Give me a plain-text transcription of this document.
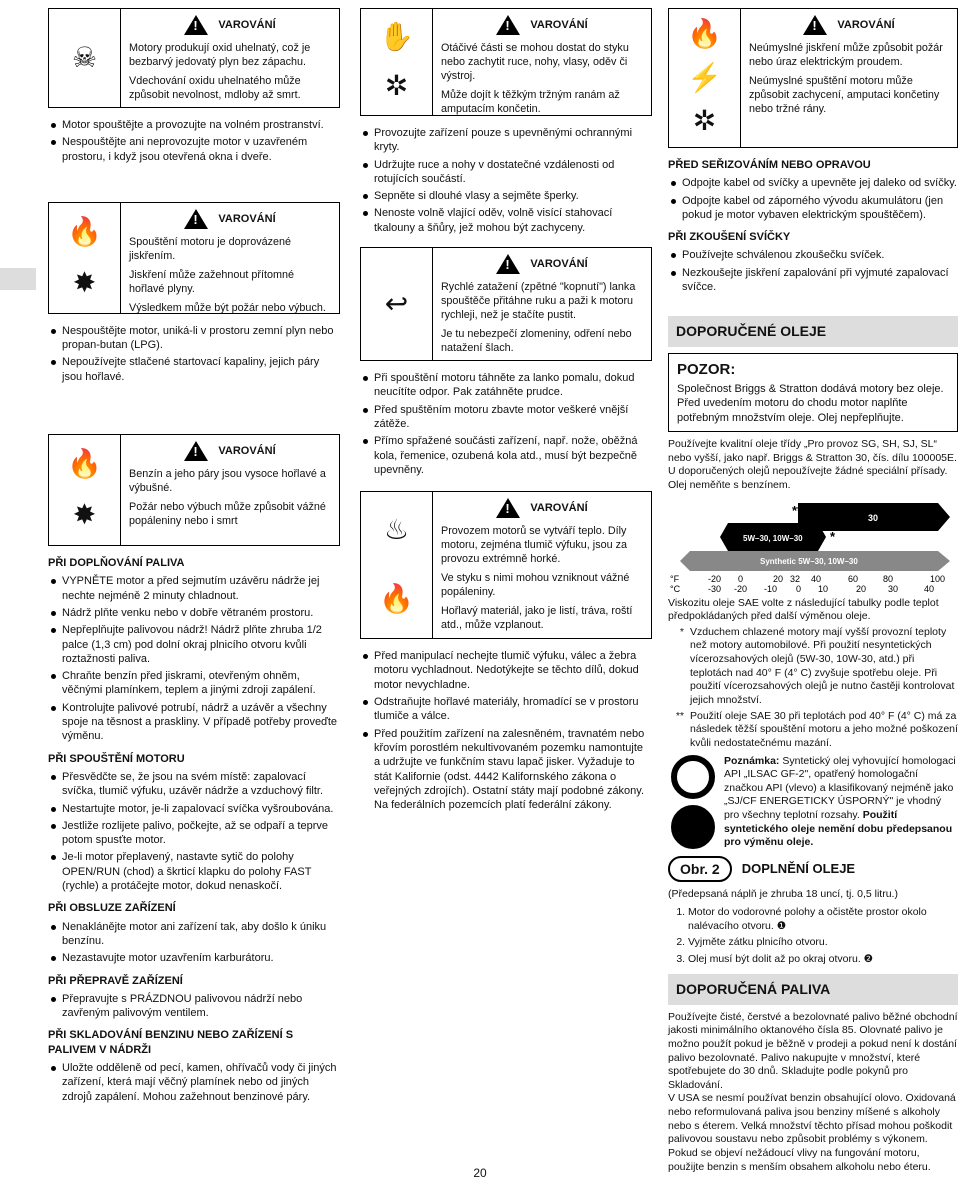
☠
!
VAROVÁNÍ

Motory produkují oxid uhelnatý, což je bezbarvý jedovatý plyn bez zápachu.

Vdechování oxidu uhelnatého může způsobit nevolnost, mdloby až smrt.

Motor spouštějte a provozujte na volném prostranství.
Nespouštějte ani neprovozujte motor v uzavřeném prostoru, i když jsou otevřená okna i dveře.
🔥
✸
!
VAROVÁNÍ

Spouštění motoru je doprovázené jiskřením.

Jiskření může zažehnout přítomné hořlavé plyny.

Výsledkem může být požár nebo výbuch.

Nespouštějte motor, uniká-li v prostoru zemní plyn nebo propan-butan (LPG).
Nepoužívejte stlačené startovací kapaliny, jejich páry jsou hořlavé.
🔥
✸
!
VAROVÁNÍ

Benzín a jeho páry jsou vysoce hořlavé a výbušné.

Požár nebo výbuch může způsobit vážné popáleniny nebo i smrt

PŘI DOPLŇOVÁNÍ PALIVA
VYPNĚTE motor a před sejmutím uzávěru nádrže jej nechte nejméně 2 minuty chladnout.
Nádrž plňte venku nebo v dobře větraném prostoru.
Nepřeplňujte palivovou nádrž! Nádrž plňte zhruba 1/2 palce (1,3 cm) pod dolní okraj plnicího otvoru kvůli roztažnosti paliva.
Chraňte benzín před jiskrami, otevřeným ohněm, věčnými plamínkem, teplem a jinými zdroji zapálení.
Kontrolujte palivové potrubí, nádrž a uzávěr a všechny spoje na těsnost a praskliny. V případě potřeby proveďte výměnu.
PŘI SPOUŠTĚNÍ MOTORU
Přesvědčte se, že jsou na svém místě: zapalovací svíčka, tlumič výfuku, uzávěr nádrže a vzduchový filtr.
Nestartujte motor, je-li zapalovací svíčka vyšroubována.
Jestliže rozlijete palivo, počkejte, až se odpaří a teprve potom spusťte motor.
Je-li motor přeplavený, nastavte sytič do polohy OPEN/RUN (chod) a škrticí klapku do polohy FAST (rychle) a protáčejte motor, dokud nenaskočí.
PŘI OBSLUZE ZAŘÍZENÍ
Nenaklánějte motor ani zařízení tak, aby došlo k úniku benzínu.
Nezastavujte motor uzavřením karburátoru.
PŘI PŘEPRAVĚ ZAŘÍZENÍ
Přepravujte s PRÁZDNOU palivovou nádrží nebo zavřeným palivovým ventilem.
PŘI SKLADOVÁNÍ BENZINU NEBO ZAŘÍZENÍ S PALIVEM V NÁDRŽI
Uložte odděleně od pecí, kamen, ohřívačů vody či jiných zařízení, která mají věčný plamínek nebo od jiných zdrojů zapálení. Mohou zažehnout benzinové páry.
✋
✲
!
VAROVÁNÍ

Otáčivé části se mohou dostat do styku nebo zachytit ruce, nohy, vlasy, oděv či výstroj.

Může dojít k těžkým tržným ranám až amputacím končetin.

Provozujte zařízení pouze s upevněnými ochrannými kryty.
Udržujte ruce a nohy v dostatečné vzdálenosti od rotujících součástí.
Sepněte si dlouhé vlasy a sejměte šperky.
Nenoste volně vlající oděv, volně visící stahovací tkalouny a šňůry, jež mohou být zachyceny.
↩
!
VAROVÁNÍ

Rychlé zatažení (zpětné "kopnutí") lanka spouštěče přitáhne ruku a paži k motoru rychleji, než je stačíte pustit.

Je tu nebezpečí zlomeniny, odření nebo natažení šlach.

Při spouštění motoru táhněte za lanko pomalu, dokud neucítíte odpor. Pak zatáhněte prudce.
Před spuštěním motoru zbavte motor veškeré vnější zátěže.
Přímo spřažené součásti zařízení, např. nože, oběžná kola, řemenice, ozubená kola atd., musí být bezpečně upevněny.
♨
🔥
!
VAROVÁNÍ

Provozem motorů se vytváří teplo. Díly motoru, zejména tlumič výfuku, jsou za provozu extrémně horké.

Ve styku s nimi mohou vzniknout vážné popáleniny.

Hořlavý materiál, jako je listí, tráva, roští atd., může vzplanout.

Před manipulací nechejte tlumič výfuku, válec a žebra motoru vychladnout. Nedotýkejte se těchto dílů, dokud motor nevychladne.
Odstraňujte hořlavé materiály, hromadící se v prostoru tlumiče a válce.
Před použitím zařízení na zalesněném, travnatém nebo křovím porostlém nekultivovaném pozemku namontujte a udržujte ve funkčním stavu lapač jisker. Vyžaduje to stát Kalifornie (odst. 4442 Kalifornského zákona o veřejných zdrojích). Ostatní státy mají podobné zákony. Na federálních pozemcích platí federální zákony.
🔥
⚡
✲
!
VAROVÁNÍ

Neúmyslné jiskření může způsobit požár nebo úraz elektrickým proudem.

Neúmyslné spuštění motoru může způsobit zachycení, amputaci končetiny nebo tržné rány.

PŘED SEŘIZOVÁNÍM NEBO OPRAVOU
Odpojte kabel od svíčky a upevněte jej daleko od svíčky.
Odpojte kabel od záporného vývodu akumulátoru (jen pokud je motor vybaven elektrickým spouštěčem).
PŘI ZKOUŠENÍ SVÍČKY
Používejte schválenou zkoušečku svíček.
Nezkoušejte jiskření zapalování při vyjmuté zapalovací svíčce.
DOPORUČENÉ OLEJE
POZOR:
Společnost Briggs & Stratton dodává motory bez oleje. Před uvedením motoru do chodu motor naplňte potřebným množstvím oleje. Olej nepřeplňujte.
Používejte kvalitní oleje třídy „Pro provoz SG, SH, SJ, SL“ nebo vyšší, jako např. Briggs & Stratton 30, čís. dílu 100005E. U doporučených olejů nepoužívejte žádné speciální přísady. Olej neměňte s benzínem.
30
**
5W–30, 10W–30 *
Synthetic 5W–30, 10W–30
°F
°C
-20 0	20 32 40	60	80	100
-30 -20 -10 0 10	20 30	40
Viskozitu oleje SAE volte z následující tabulky podle teplot předpokládaných před další výměnou oleje.
* Vzduchem chlazené motory mají vyšší provozní teploty než motory automobilové. Při použití nesyntetických vícerozsahových olejů (5W-30, 10W-30, atd.) při teplotách nad 40° F (4° C) zvyšuje spotřebu oleje. Při použití vícerozsahových olejů je nutno častěji kontrolovat jejich množství.
** Použití oleje SAE 30 při teplotách pod 40° F (4° C) má za následek těžší spouštění motoru a jeho možné poškození kvůli nedostatečnému mazání.
Poznámka: Syntetický olej vyhovující homologaci API „ILSAC GF-2", opatřený homologační značkou API (vlevo) a klasifikovaný nejméně jako „SJ/CF ENERGETICKY ÚSPORNÝ" je vhodný pro všechny teplotní rozsahy. Použití syntetického oleje nemění dobu předepsanou pro výměnu oleje.
Obr. 2	DOPLNĚNÍ OLEJE
(Předepsaná náplň je zhruba 18 uncí, tj. 0,5 litru.)
1. Motor do vodorovné polohy a očistěte prostor okolo nalévacího otvoru. ❶
2. Vyjměte zátku plnicího otvoru.
3. Olej musí být dolit až po okraj otvoru. ❷
DOPORUČENÁ PALIVA
Používejte čisté, čerstvé a bezolovnaté palivo běžné obchodní jakosti minimálního oktanového čísla 85. Olovnaté palivo je možno použít pokud je běžně v prodeji a pokud není k dostání palivo bezolovnaté. Palivo nakupujte v množství, které spotřebujete do 30 dnů. Skladujte podle pokynů pro Skladování.
V USA se nesmí používat benzin obsahující olovo. Oxidovaná nebo reformulovaná paliva jsou benziny míšené s alkoholy nebo s éterem. Velká množství těchto přísad mohou poškodit palivovou soustavu nebo způsobit problémy s výkonem. Pokud se objeví nežádoucí vlivy na fungování motoru, použijte benzin s menším obsahem alkoholu nebo éteru.
20
